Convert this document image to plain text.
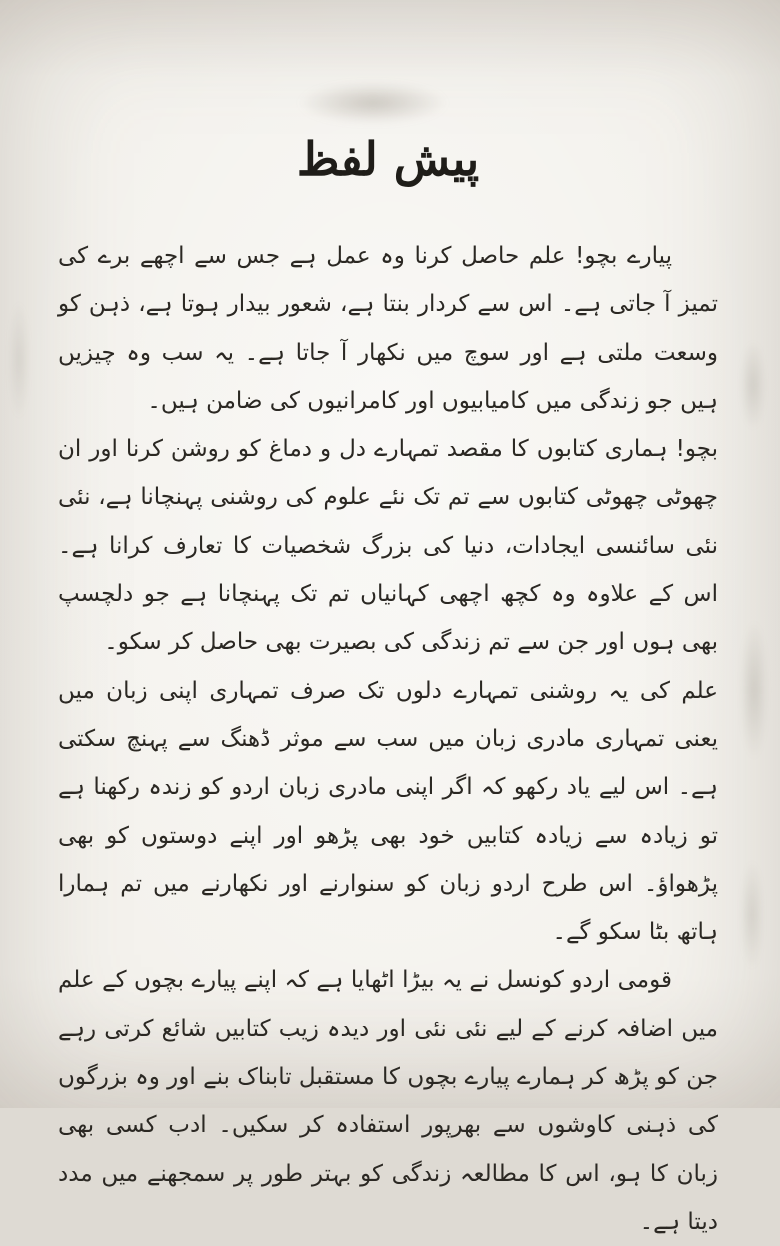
پیش لفظ

پیارے بچو! علم حاصل کرنا وہ عمل ہے جس سے اچھے برے کی تمیز آ جاتی ہے۔ اس سے کردار بنتا ہے، شعور بیدار ہوتا ہے، ذہن کو وسعت ملتی ہے اور سوچ میں نکھار آ جاتا ہے۔ یہ سب وہ چیزیں ہیں جو زندگی میں کامیابیوں اور کامرانیوں کی ضامن ہیں۔

بچو! ہماری کتابوں کا مقصد تمہارے دل و دماغ کو روشن کرنا اور ان چھوٹی چھوٹی کتابوں سے تم تک نئے علوم کی روشنی پہنچانا ہے، نئی نئی سائنسی ایجادات، دنیا کی بزرگ شخصیات کا تعارف کرانا ہے۔ اس کے علاوہ وہ کچھ اچھی کہانیاں تم تک پہنچانا ہے جو دلچسپ بھی ہوں اور جن سے تم زندگی کی بصیرت بھی حاصل کر سکو۔

علم کی یہ روشنی تمہارے دلوں تک صرف تمہاری اپنی زبان میں یعنی تمہاری مادری زبان میں سب سے موثر ڈھنگ سے پہنچ سکتی ہے۔ اس لیے یاد رکھو کہ اگر اپنی مادری زبان اردو کو زندہ رکھنا ہے تو زیادہ سے زیادہ کتابیں خود بھی پڑھو اور اپنے دوستوں کو بھی پڑھواؤ۔ اس طرح اردو زبان کو سنوارنے اور نکھارنے میں تم ہمارا ہاتھ بٹا سکو گے۔

قومی اردو کونسل نے یہ بیڑا اٹھایا ہے کہ اپنے پیارے بچوں کے علم میں اضافہ کرنے کے لیے نئی نئی اور دیدہ زیب کتابیں شائع کرتی رہے جن کو پڑھ کر ہمارے پیارے بچوں کا مستقبل تابناک بنے اور وہ بزرگوں کی ذہنی کاوشوں سے بھرپور استفادہ کر سکیں۔ ادب کسی بھی زبان کا ہو، اس کا مطالعہ زندگی کو بہتر طور پر سمجھنے میں مدد دیتا ہے۔
